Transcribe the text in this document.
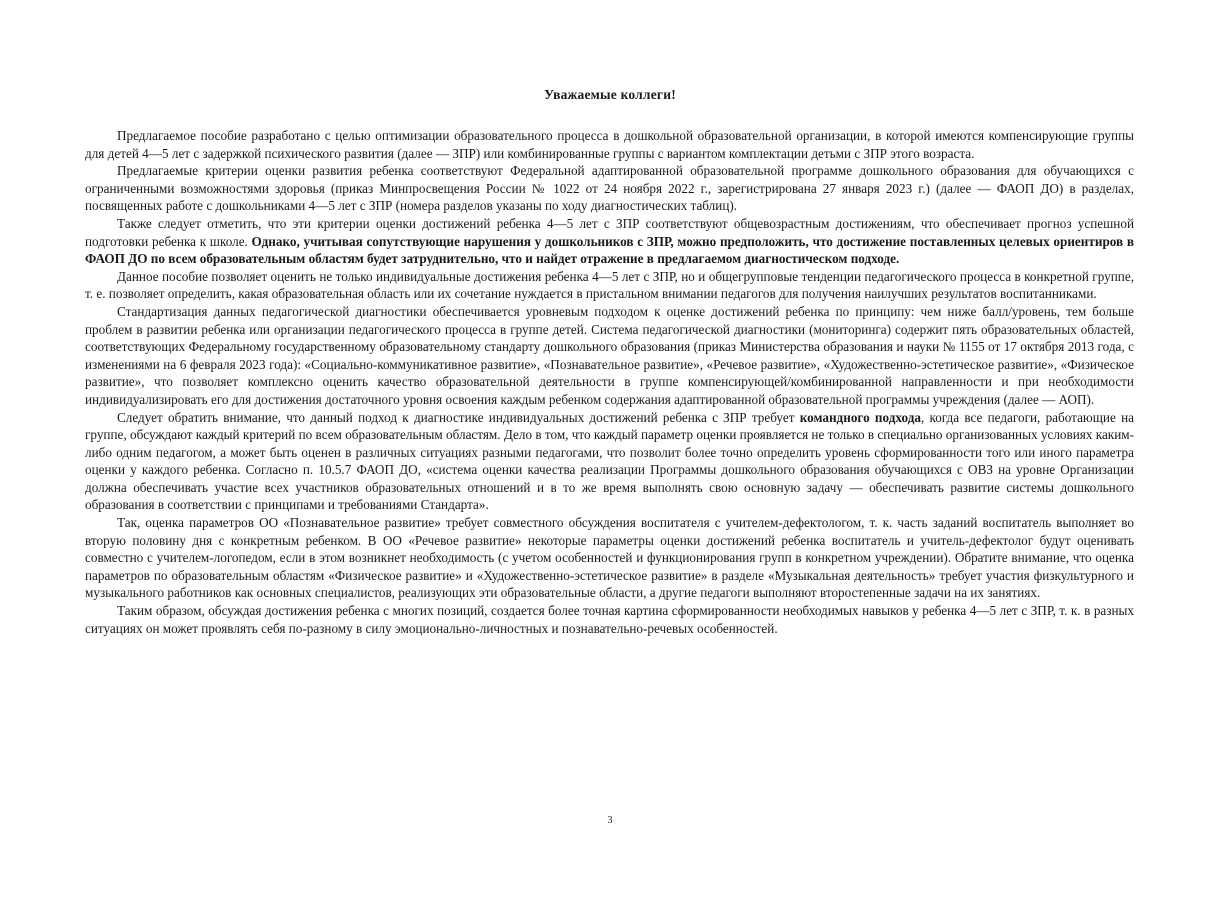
Уважаемые коллеги!

Предлагаемое пособие разработано с целью оптимизации образовательного процесса в дошкольной образовательной организации, в которой имеются компенсирующие группы для детей 4—5 лет с задержкой психического развития (далее — ЗПР) или комбинированные группы с вариантом комплектации детьми с ЗПР этого возраста.

Предлагаемые критерии оценки развития ребенка соответствуют Федеральной адаптированной образовательной программе дошкольного образования для обучающихся с ограниченными возможностями здоровья (приказ Минпросвещения России № 1022 от 24 ноября 2022 г., зарегистрирована 27 января 2023 г.) (далее — ФАОП ДО) в разделах, посвященных работе с дошкольниками 4—5 лет с ЗПР (номера разделов указаны по ходу диагностических таблиц).

Также следует отметить, что эти критерии оценки достижений ребенка 4—5 лет с ЗПР соответствуют общевозрастным достижениям, что обеспечивает прогноз успешной подготовки ребенка к школе. Однако, учитывая сопутствующие нарушения у дошкольников с ЗПР, можно предположить, что достижение поставленных целевых ориентиров в ФАОП ДО по всем образовательным областям будет затруднительно, что и найдет отражение в предлагаемом диагностическом подходе.

Данное пособие позволяет оценить не только индивидуальные достижения ребенка 4—5 лет с ЗПР, но и общегрупповые тенденции педагогического процесса в конкретной группе, т. е. позволяет определить, какая образовательная область или их сочетание нуждается в пристальном внимании педагогов для получения наилучших результатов воспитанниками.

Стандартизация данных педагогической диагностики обеспечивается уровневым подходом к оценке достижений ребенка по принципу: чем ниже балл/уровень, тем больше проблем в развитии ребенка или организации педагогического процесса в группе детей. Система педагогической диагностики (мониторинга) содержит пять образовательных областей, соответствующих Федеральному государственному образовательному стандарту дошкольного образования (приказ Министерства образования и науки № 1155 от 17 октября 2013 года, с изменениями на 6 февраля 2023 года): «Социально-коммуникативное развитие», «Познавательное развитие», «Речевое развитие», «Художественно-эстетическое развитие», «Физическое развитие», что позволяет комплексно оценить качество образовательной деятельности в группе компенсирующей/комбинированной направленности и при необходимости индивидуализировать его для достижения достаточного уровня освоения каждым ребенком содержания адаптированной образовательной программы учреждения (далее — АОП).

Следует обратить внимание, что данный подход к диагностике индивидуальных достижений ребенка с ЗПР требует командного подхода, когда все педагоги, работающие на группе, обсуждают каждый критерий по всем образовательным областям. Дело в том, что каждый параметр оценки проявляется не только в специально организованных условиях каким-либо одним педагогом, а может быть оценен в различных ситуациях разными педагогами, что позволит более точно определить уровень сформированности того или иного параметра оценки у каждого ребенка. Согласно п. 10.5.7 ФАОП ДО, «система оценки качества реализации Программы дошкольного образования обучающихся с ОВЗ на уровне Организации должна обеспечивать участие всех участников образовательных отношений и в то же время выполнять свою основную задачу — обеспечивать развитие системы дошкольного образования в соответствии с принципами и требованиями Стандарта».

Так, оценка параметров ОО «Познавательное развитие» требует совместного обсуждения воспитателя с учителем-дефектологом, т. к. часть заданий воспитатель выполняет во вторую половину дня с конкретным ребенком. В ОО «Речевое развитие» некоторые параметры оценки достижений ребенка воспитатель и учитель-дефектолог будут оценивать совместно с учителем-логопедом, если в этом возникнет необходимость (с учетом особенностей и функционирования групп в конкретном учреждении). Обратите внимание, что оценка параметров по образовательным областям «Физическое развитие» и «Художественно-эстетическое развитие» в разделе «Музыкальная деятельность» требует участия физкультурного и музыкального работников как основных специалистов, реализующих эти образовательные области, а другие педагоги выполняют второстепенные задачи на их занятиях.

Таким образом, обсуждая достижения ребенка с многих позиций, создается более точная картина сформированности необходимых навыков у ребенка 4—5 лет с ЗПР, т. к. в разных ситуациях он может проявлять себя по-разному в силу эмоционально-личностных и познавательно-речевых особенностей.

3
